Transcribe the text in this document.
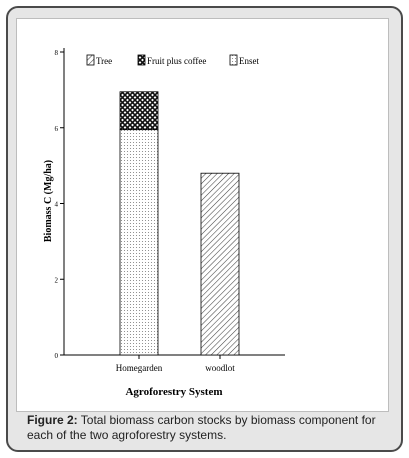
Tree	Fruit plus coffee	Enset
0
2
4
6
8
Homegarden	woodlot
Biomass C (Mg/ha)
Agroforestry System
Figure 2: Total biomass carbon stocks by biomass component for each of the two agroforestry systems.
